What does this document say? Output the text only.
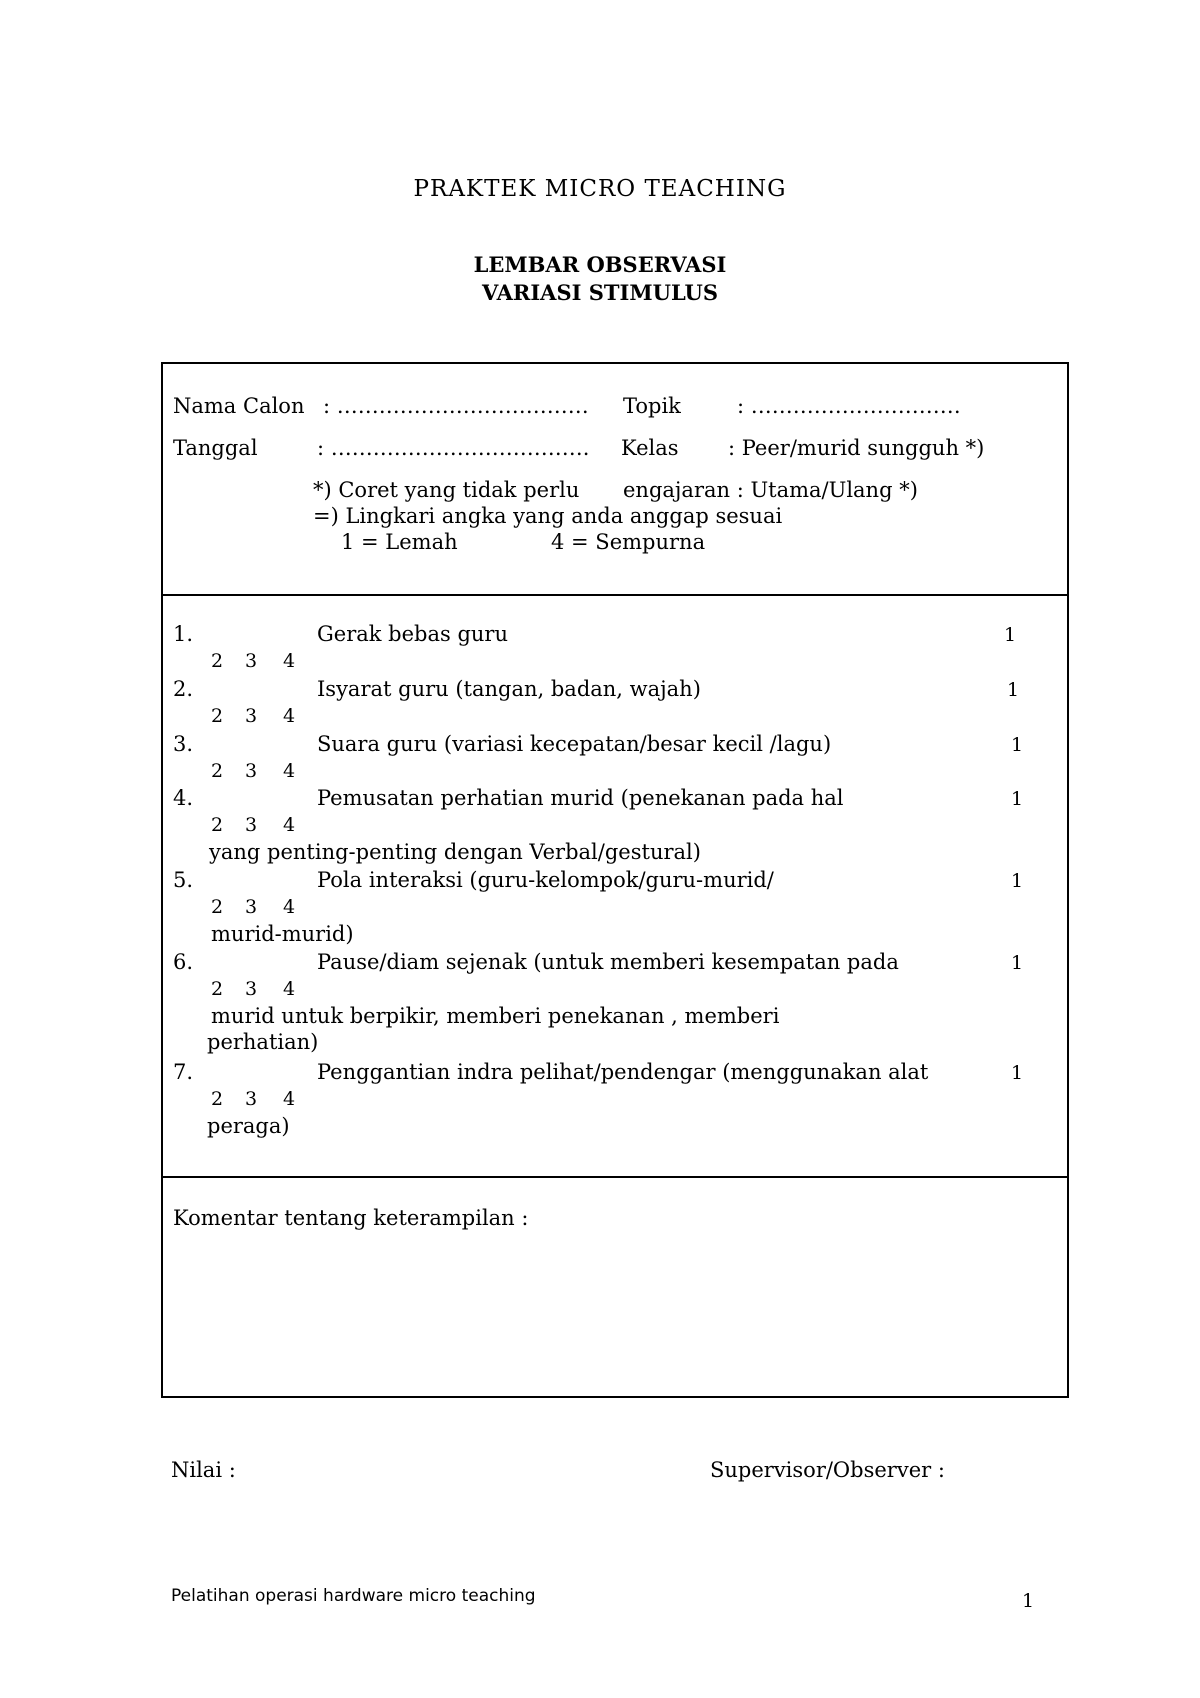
PRAKTEK MICRO TEACHING
LEMBAR OBSERVASI
VARIASI STIMULUS
Nama Calon : ……………………………… Topik	: …………………………
Tanggal	: ………………………………. Kelas : Peer/murid sungguh *)
*) Coret yang tidak perlu engajaran : Utama/Ulang *)
=) Lingkari angka yang anda anggap sesuai
1 = Lemah	4 = Sempurna
1.	Gerak bebas guru	1
2 3 4
2.	Isyarat guru (tangan, badan, wajah)	1
2 3 4
3.	Suara guru (variasi kecepatan/besar kecil /lagu)	1
2 3 4
4.	Pemusatan perhatian murid (penekanan pada hal	1
2 3 4
yang penting-penting dengan Verbal/gestural)
5.	Pola interaksi (guru-kelompok/guru-murid/	1
2 3 4
murid-murid)
6.	Pause/diam sejenak (untuk memberi kesempatan pada	1
2 3 4
murid untuk berpikir, memberi penekanan , memberi
perhatian)
7.	Penggantian indra pelihat/pendengar (menggunakan alat	1
2 3 4
peraga)
Komentar tentang keterampilan :
Nilai :	Supervisor/Observer :
Pelatihan operasi hardware micro teaching	1
